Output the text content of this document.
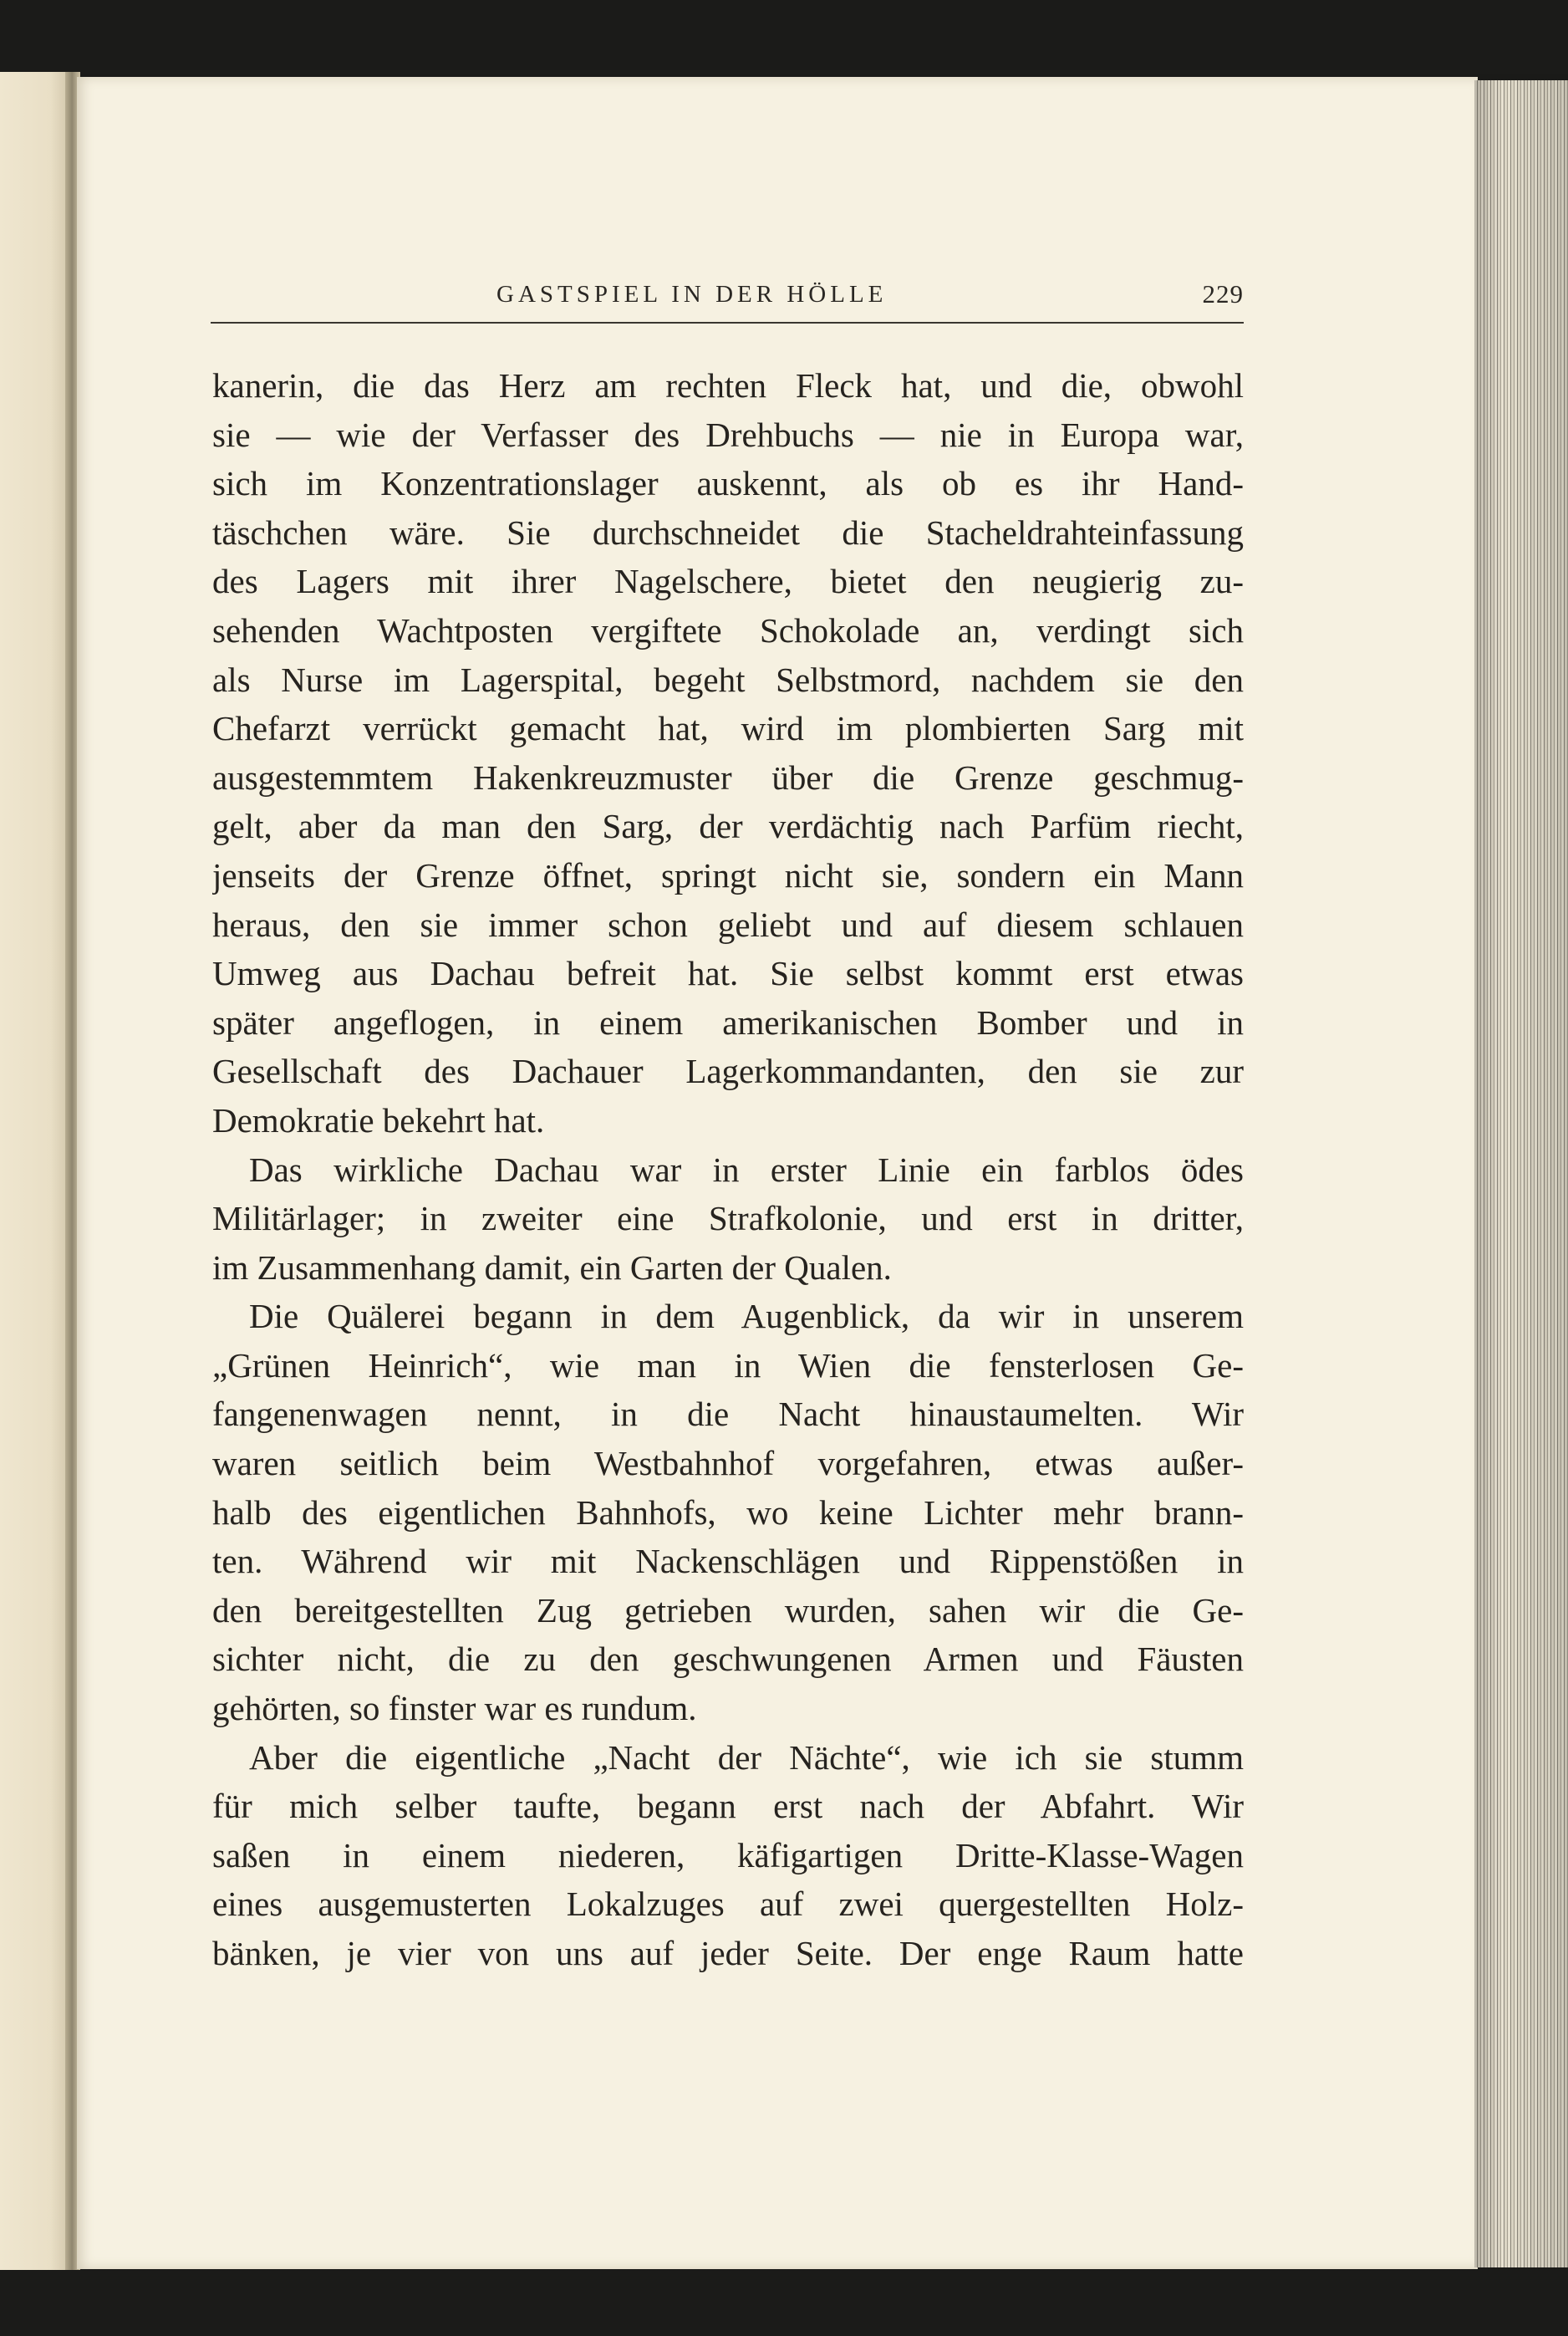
GASTSPIEL IN DER HÖLLE	229
kanerin, die das Herz am rechten Fleck hat, und die, obwohl
sie — wie der Verfasser des Drehbuchs — nie in Europa war,
sich im Konzentrationslager auskennt, als ob es ihr Hand-
täschchen wäre. Sie durchschneidet die Stacheldrahteinfassung
des Lagers mit ihrer Nagelschere, bietet den neugierig zu-
sehenden Wachtposten vergiftete Schokolade an, verdingt sich
als Nurse im Lagerspital, begeht Selbstmord, nachdem sie den
Chefarzt verrückt gemacht hat, wird im plombierten Sarg mit
ausgestemmtem Hakenkreuzmuster über die Grenze geschmug-
gelt, aber da man den Sarg, der verdächtig nach Parfüm riecht,
jenseits der Grenze öffnet, springt nicht sie, sondern ein Mann
heraus, den sie immer schon geliebt und auf diesem schlauen
Umweg aus Dachau befreit hat. Sie selbst kommt erst etwas
später angeflogen, in einem amerikanischen Bomber und in
Gesellschaft des Dachauer Lagerkommandanten, den sie zur
Demokratie bekehrt hat.
Das wirkliche Dachau war in erster Linie ein farblos ödes
Militärlager; in zweiter eine Strafkolonie, und erst in dritter,
im Zusammenhang damit, ein Garten der Qualen.
Die Quälerei begann in dem Augenblick, da wir in unserem
„Grünen Heinrich“, wie man in Wien die fensterlosen Ge-
fangenenwagen nennt, in die Nacht hinaustaumelten. Wir
waren seitlich beim Westbahnhof vorgefahren, etwas außer-
halb des eigentlichen Bahnhofs, wo keine Lichter mehr brann-
ten. Während wir mit Nackenschlägen und Rippenstößen in
den bereitgestellten Zug getrieben wurden, sahen wir die Ge-
sichter nicht, die zu den geschwungenen Armen und Fäusten
gehörten, so finster war es rundum.
Aber die eigentliche „Nacht der Nächte“, wie ich sie stumm
für mich selber taufte, begann erst nach der Abfahrt. Wir
saßen in einem niederen, käfigartigen Dritte-Klasse-Wagen
eines ausgemusterten Lokalzuges auf zwei quergestellten Holz-
bänken, je vier von uns auf jeder Seite. Der enge Raum hatte
